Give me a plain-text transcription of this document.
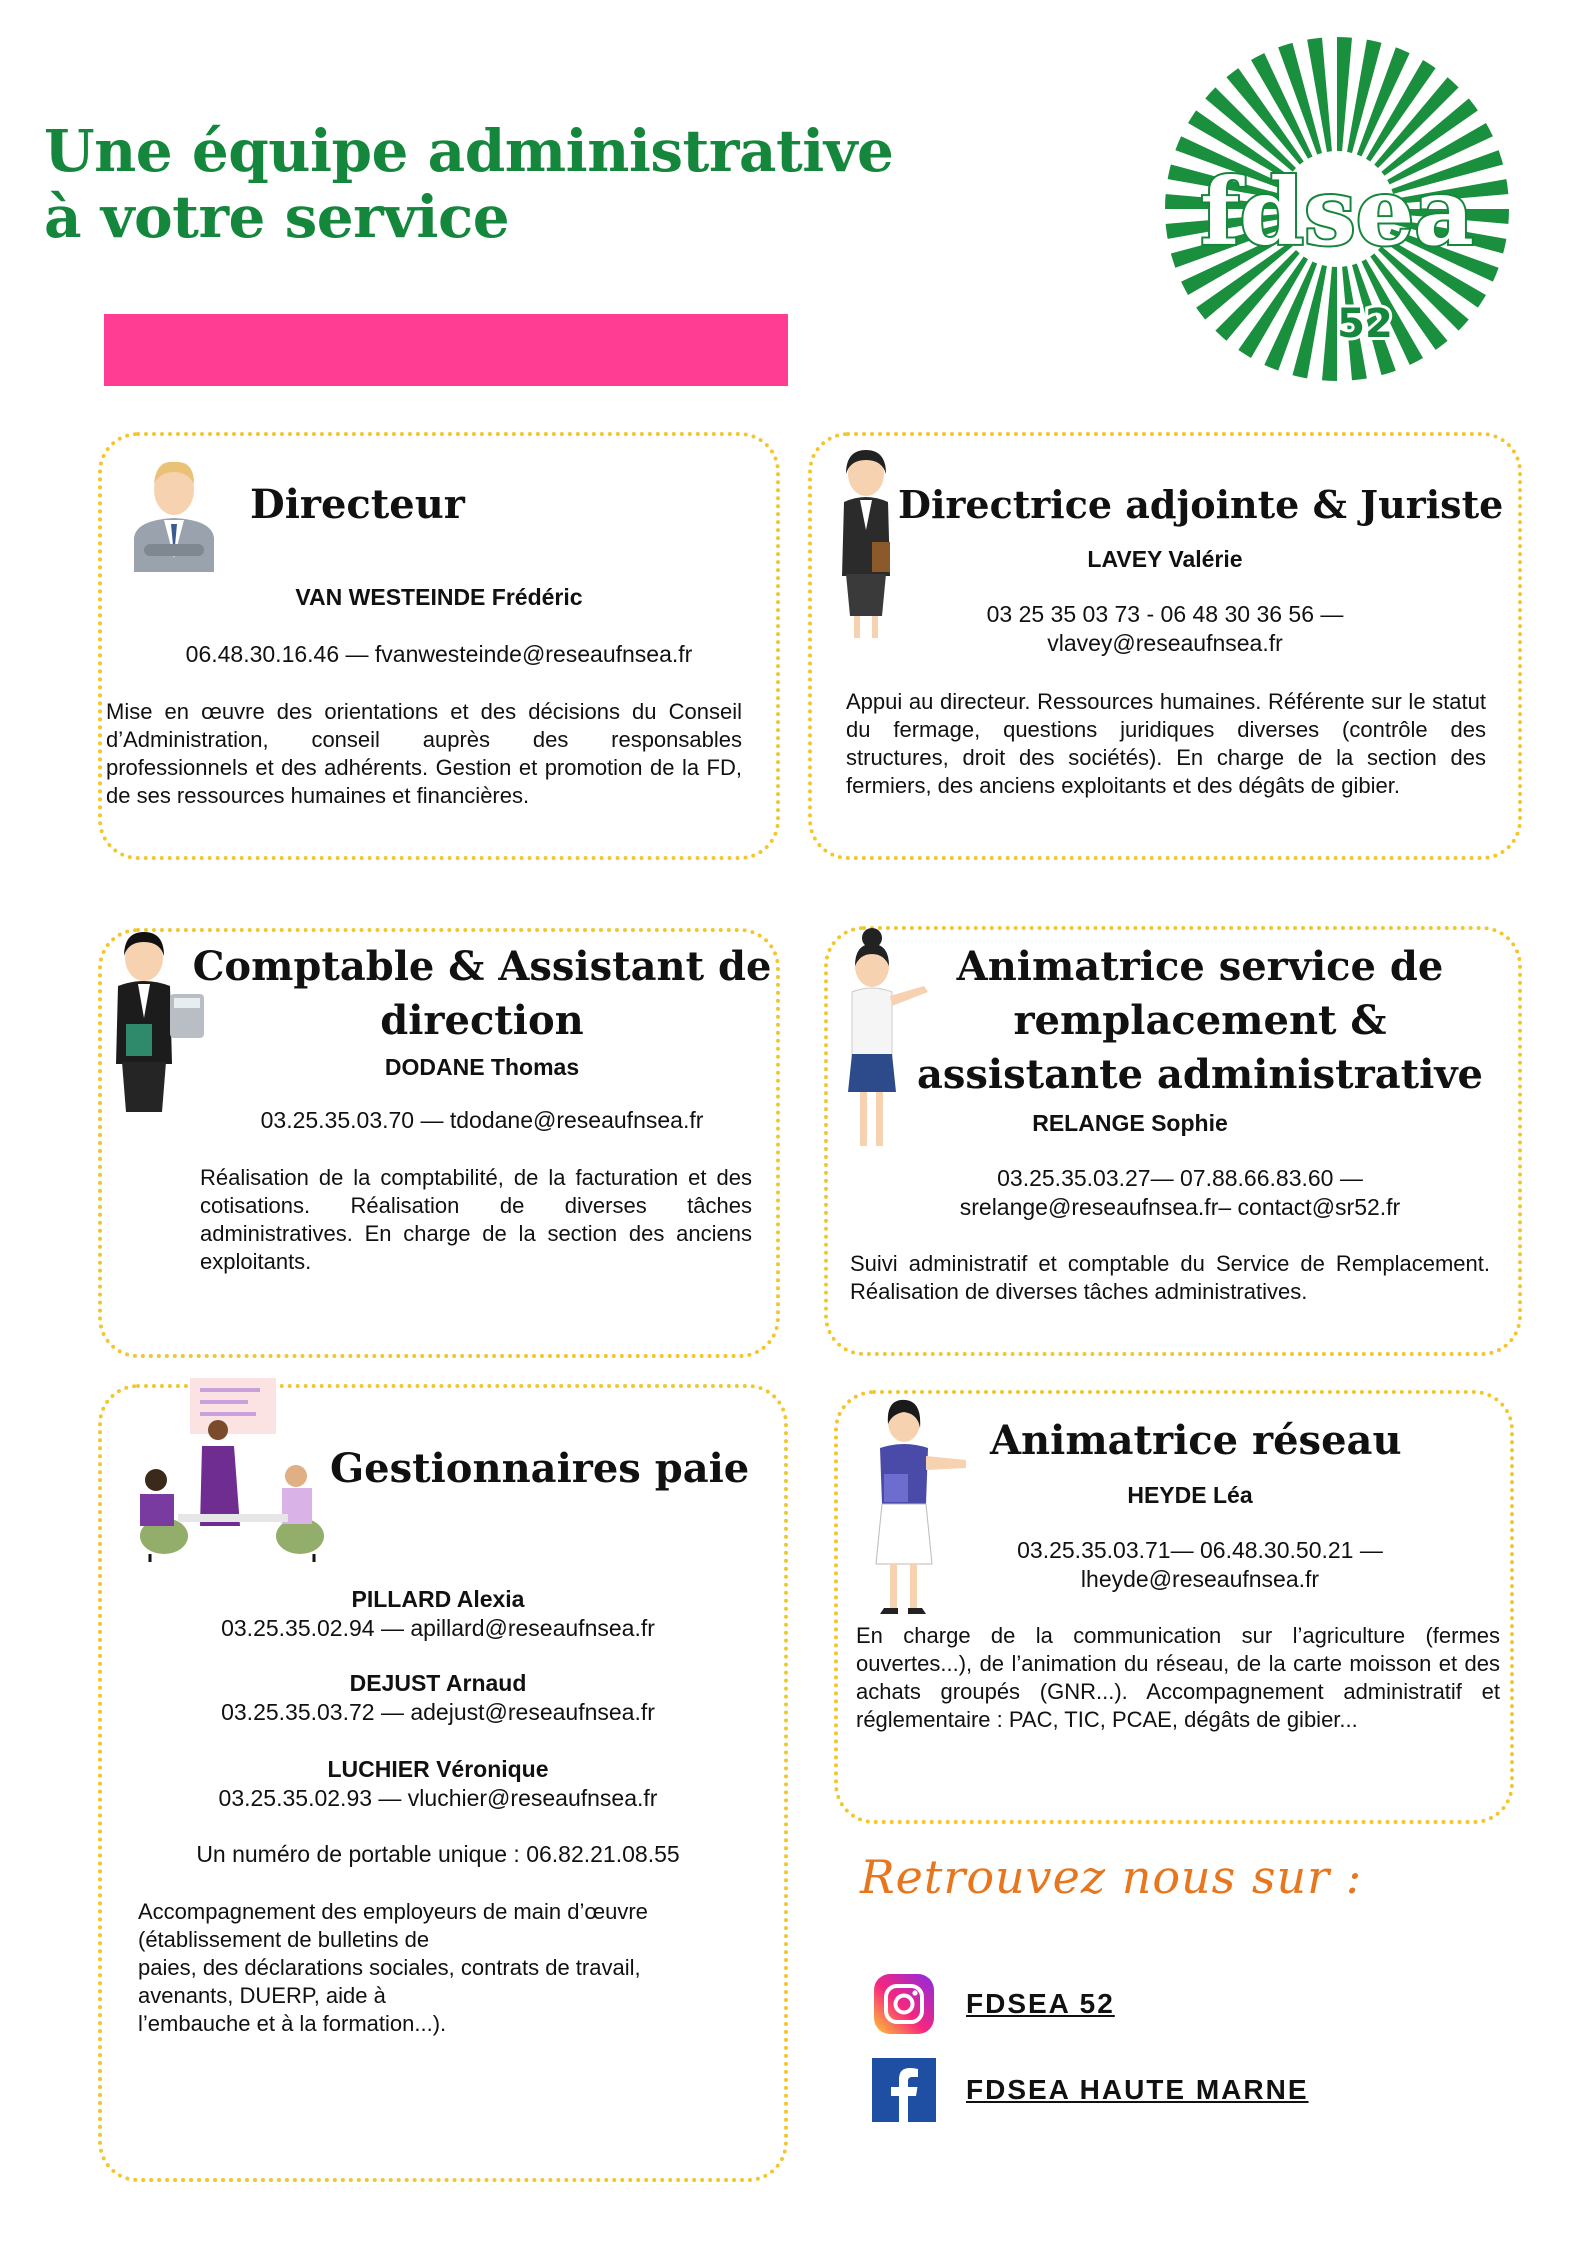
Une équipe administrative
à votre service	fdsea
52
Directeur
VAN WESTEINDE Frédéric
06.48.30.16.46 — fvanwesteinde@reseaufnsea.fr

Mise en œuvre des orientations et des décisions du Conseil d’Administration, conseil auprès des responsables professionnels et des adhérents. Gestion et promotion de la FD, de ses ressources humaines et financières.

Directrice adjointe & Juriste
LAVEY Valérie
03 25 35 03 73 - 06 48 30 36 56 —
vlavey@reseaufnsea.fr

Appui au directeur. Ressources humaines. Référente sur le statut du fermage, questions juridiques diverses (contrôle des structures, droit des sociétés). En charge de la section des fermiers, des anciens exploitants et des dégâts de gibier.

Comptable & Assistant de
direction
DODANE Thomas
03.25.35.03.70 — tdodane@reseaufnsea.fr

Réalisation de la comptabilité, de la facturation et des cotisations. Réalisation de diverses tâches administratives. En charge de la section des anciens exploitants.

Animatrice service de
remplacement &
assistante administrative
RELANGE Sophie
03.25.35.03.27— 07.88.66.83.60 —
srelange@reseaufnsea.fr– contact@sr52.fr

Suivi administratif et comptable du Service de Remplacement. Réalisation de diverses tâches administratives.

Gestionnaires paie
PILLARD Alexia
03.25.35.02.94 — apillard@reseaufnsea.fr
DEJUST Arnaud
03.25.35.03.72 — adejust@reseaufnsea.fr
LUCHIER Véronique
03.25.35.02.93 — vluchier@reseaufnsea.fr
Un numéro de portable unique : 06.82.21.08.55
Accompagnement des employeurs de main d’œuvre
(établissement de bulletins de
paies, des déclarations sociales, contrats de travail,
avenants, DUERP, aide à
l’embauche et à la formation...).
Animatrice réseau
HEYDE Léa
03.25.35.03.71— 06.48.30.50.21 —
lheyde@reseaufnsea.fr

En charge de la communication sur l’agriculture (fermes ouvertes...), de l’animation du réseau, de la carte moisson et des achats groupés (GNR...). Accompagnement administratif et réglementaire : PAC, TIC, PCAE, dégâts de gibier...

Retrouvez nous sur :
FDSEA 52
FDSEA HAUTE MARNE
